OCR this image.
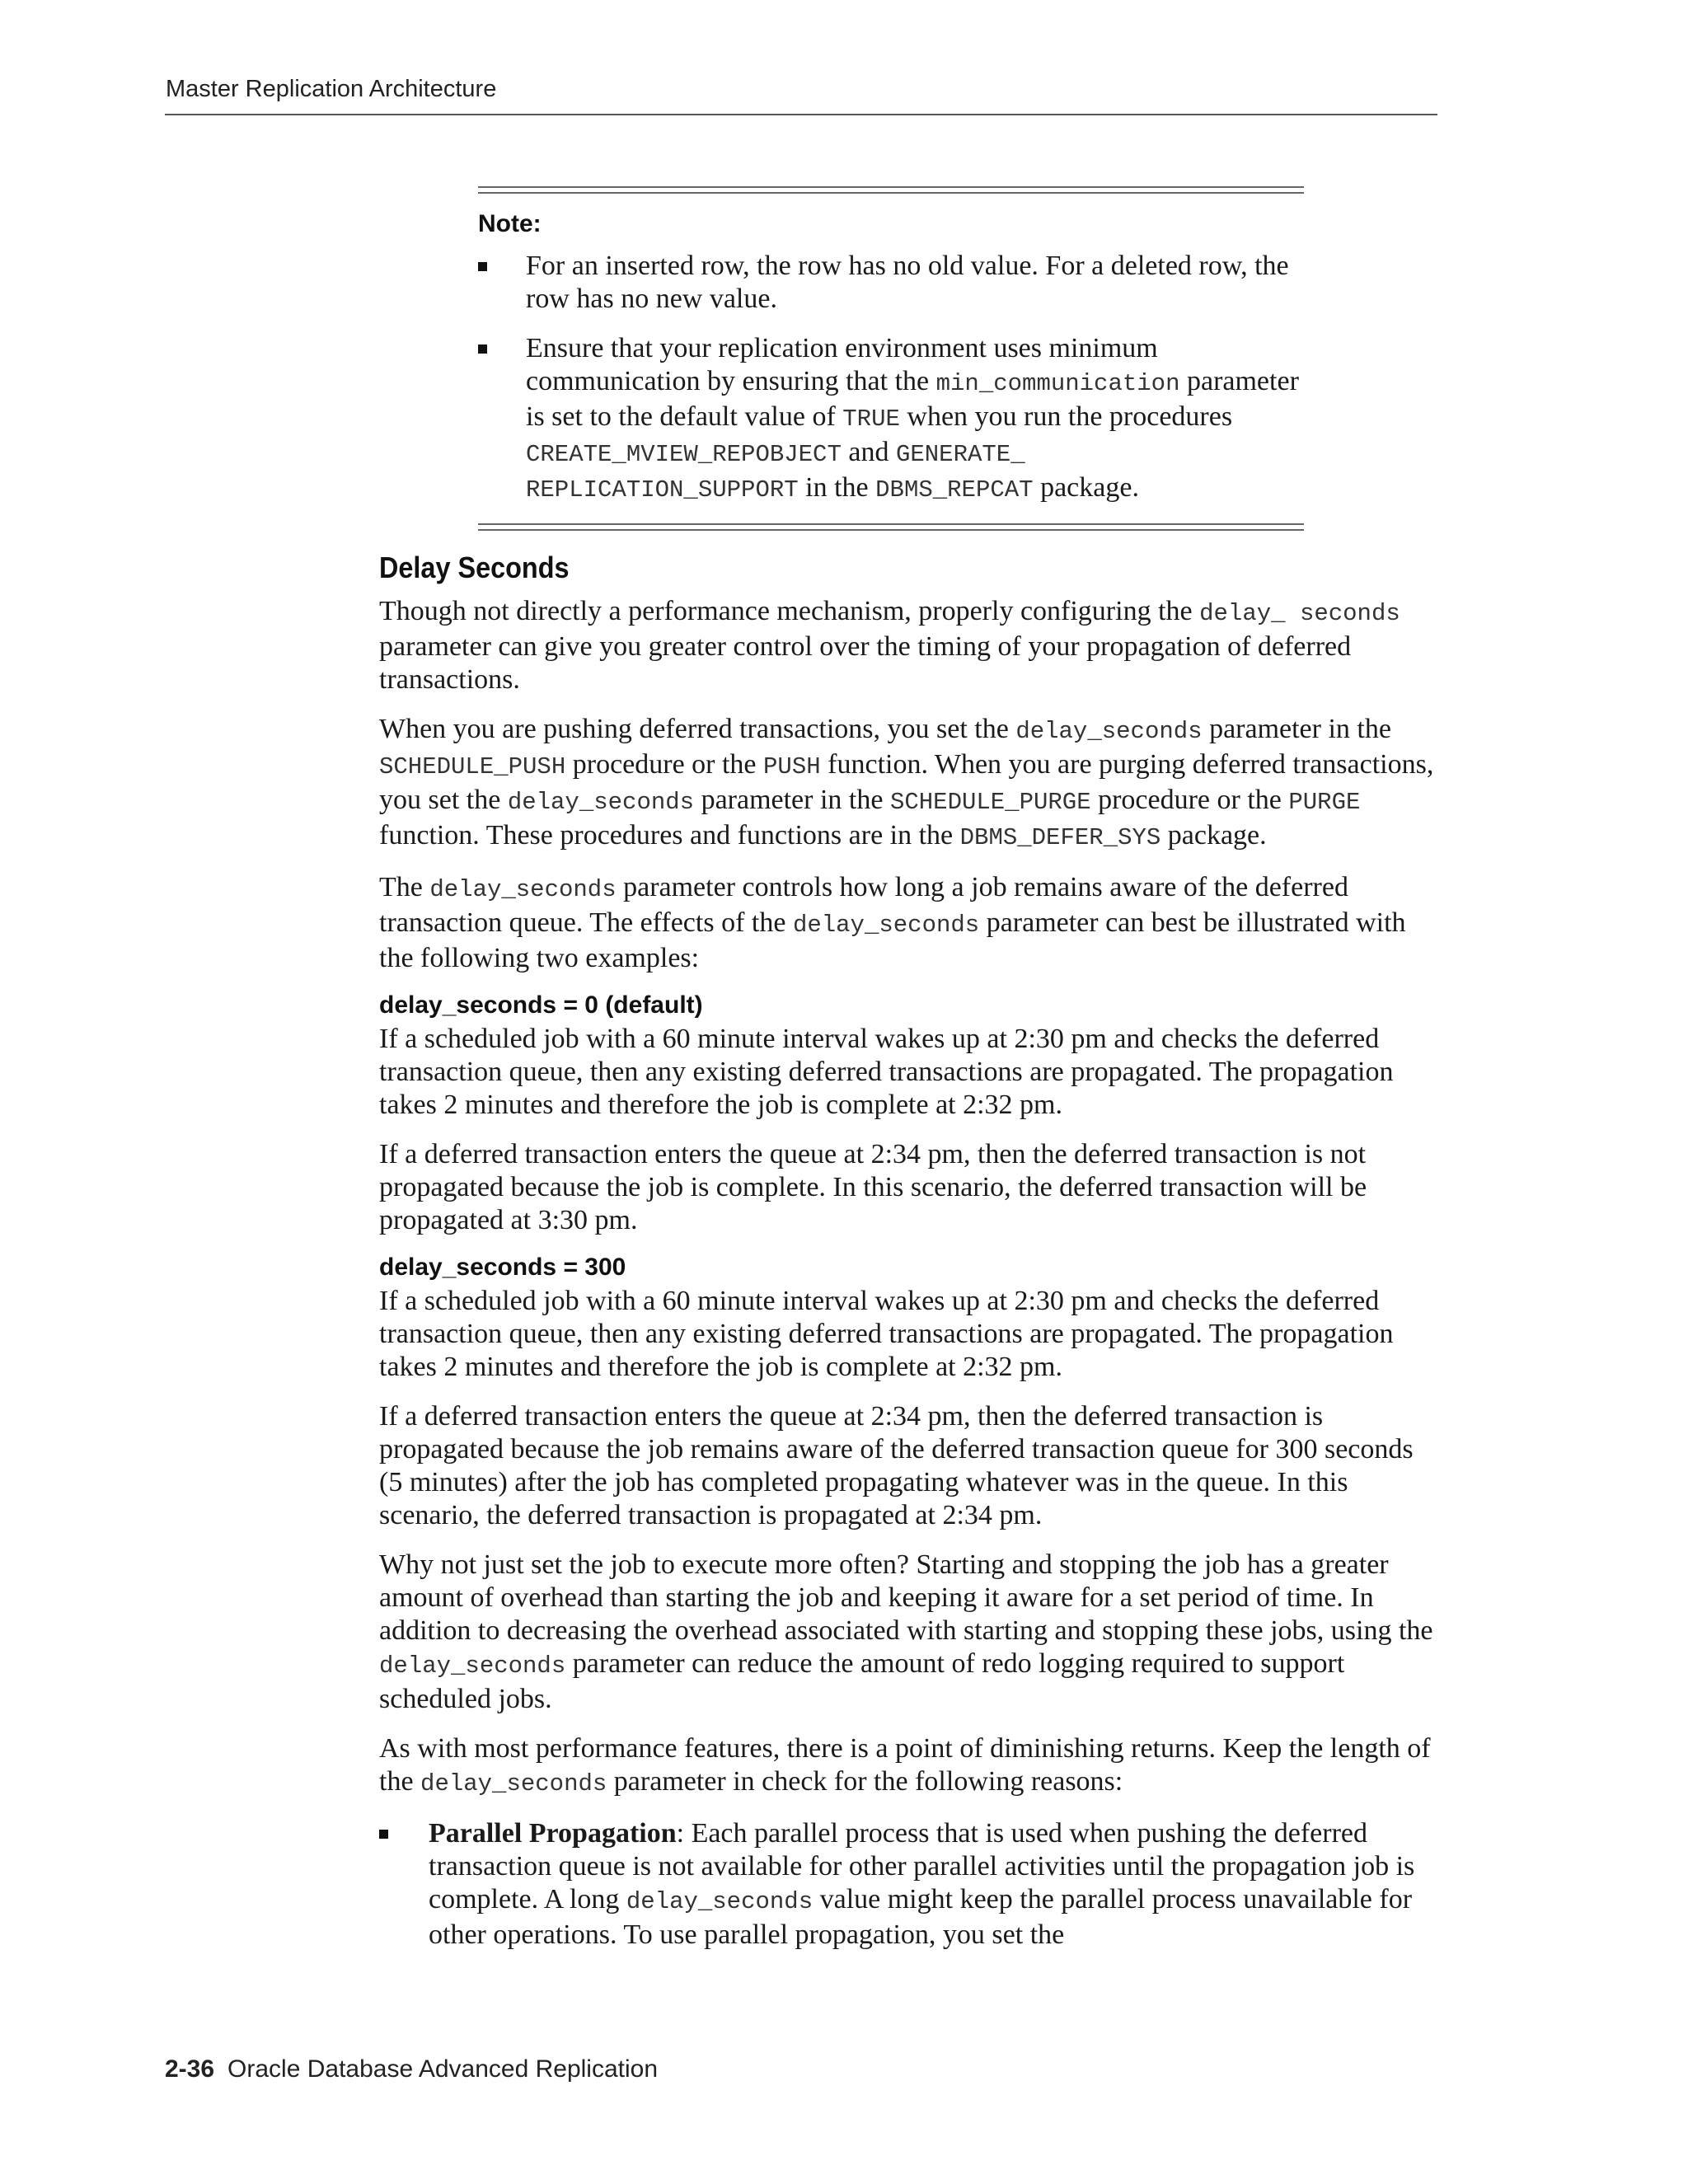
Master Replication Architecture
Note:
For an inserted row, the row has no old value. For a deleted row, the row has no new value.
Ensure that your replication environment uses minimum communication by ensuring that the min_communication parameter is set to the default value of TRUE when you run the procedures CREATE_MVIEW_REPOBJECT and GENERATE_ REPLICATION_SUPPORT in the DBMS_REPCAT package.
Delay Seconds

Though not directly a performance mechanism, properly configuring the delay_ seconds parameter can give you greater control over the timing of your propagation of deferred transactions.

When you are pushing deferred transactions, you set the delay_seconds parameter in the SCHEDULE_PUSH procedure or the PUSH function. When you are purging deferred transactions, you set the delay_seconds parameter in the SCHEDULE_PURGE procedure or the PURGE function. These procedures and functions are in the DBMS_DEFER_SYS package.

The delay_seconds parameter controls how long a job remains aware of the deferred transaction queue. The effects of the delay_seconds parameter can best be illustrated with the following two examples:

delay_seconds = 0 (default)

If a scheduled job with a 60 minute interval wakes up at 2:30 pm and checks the deferred transaction queue, then any existing deferred transactions are propagated. The propagation takes 2 minutes and therefore the job is complete at 2:32 pm.

If a deferred transaction enters the queue at 2:34 pm, then the deferred transaction is not propagated because the job is complete. In this scenario, the deferred transaction will be propagated at 3:30 pm.

delay_seconds = 300

If a scheduled job with a 60 minute interval wakes up at 2:30 pm and checks the deferred transaction queue, then any existing deferred transactions are propagated. The propagation takes 2 minutes and therefore the job is complete at 2:32 pm.

If a deferred transaction enters the queue at 2:34 pm, then the deferred transaction is propagated because the job remains aware of the deferred transaction queue for 300 seconds (5 minutes) after the job has completed propagating whatever was in the queue. In this scenario, the deferred transaction is propagated at 2:34 pm.

Why not just set the job to execute more often? Starting and stopping the job has a greater amount of overhead than starting the job and keeping it aware for a set period of time. In addition to decreasing the overhead associated with starting and stopping these jobs, using the delay_seconds parameter can reduce the amount of redo logging required to support scheduled jobs.

As with most performance features, there is a point of diminishing returns. Keep the length of the delay_seconds parameter in check for the following reasons:

Parallel Propagation: Each parallel process that is used when pushing the deferred transaction queue is not available for other parallel activities until the propagation job is complete. A long delay_seconds value might keep the parallel process unavailable for other operations. To use parallel propagation, you set the
2-36 Oracle Database Advanced Replication
